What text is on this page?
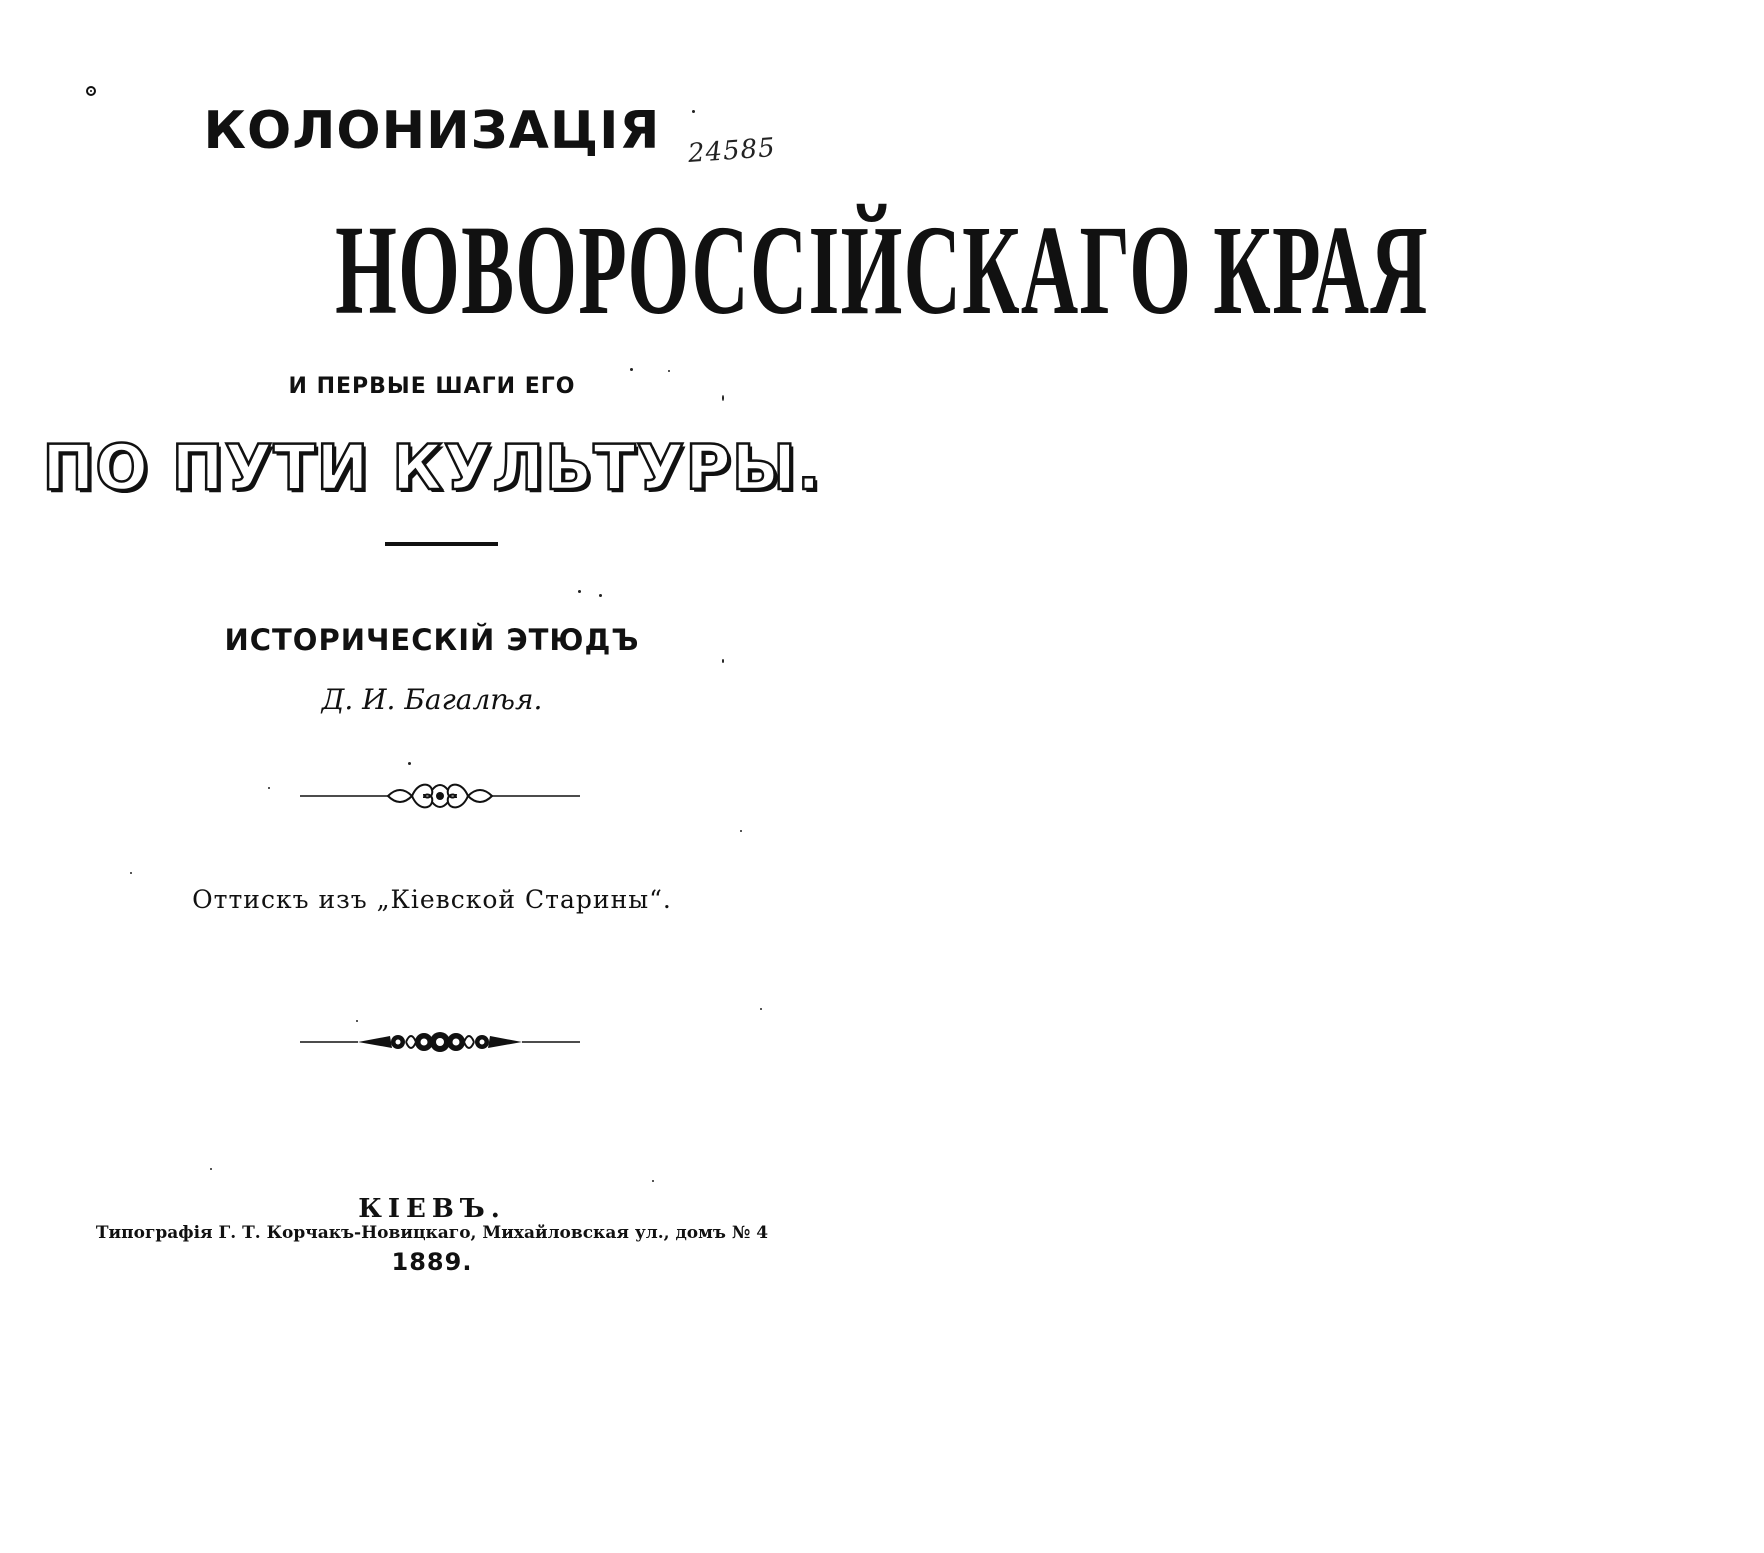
24585
КОЛОНИЗАЦІЯ
НОВОРОССІЙСКАГО КРАЯ
И ПЕРВЫЕ ШАГИ ЕГО
ПО ПУТИ КУЛЬТУРЫ.
ИСТОРИЧЕСКІЙ ЭТЮДЪ
Д. И. Багалѣя.
Оттискъ изъ „Кіевской Старины“.
КІЕВЪ.
Типографія Г. Т. Корчакъ-Новицкаго, Михайловская ул., домъ № 4
1889.
